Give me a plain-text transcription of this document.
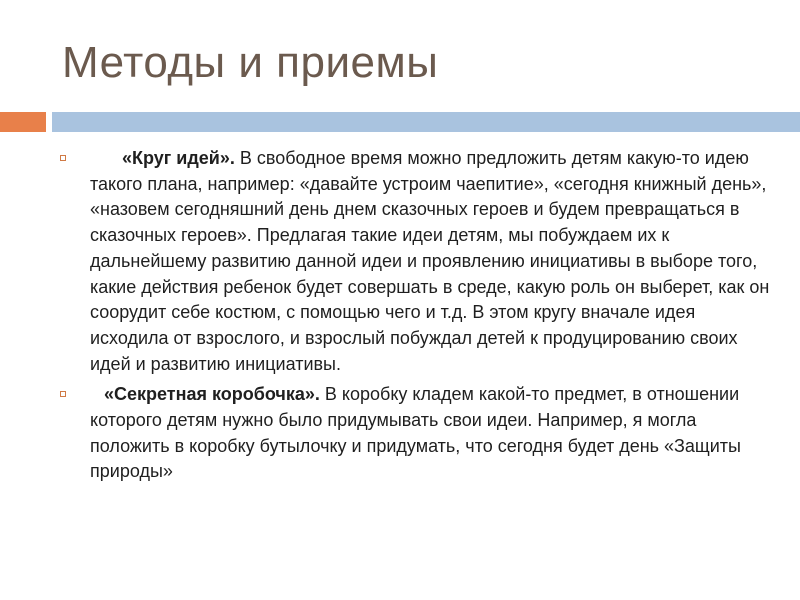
Методы и приемы
«Круг идей». В свободное время можно предложить детям какую-то идею такого плана, например: «давайте устроим чаепитие», «сегодня книжный день», «назовем сегодняшний день днем сказочных героев и будем превращаться в сказочных героев». Предлагая такие идеи детям, мы побуждаем их к дальнейшему развитию данной идеи и проявлению инициативы в выборе того, какие действия ребенок будет совершать в среде, какую роль он выберет, как он соорудит себе костюм, с помощью чего и т.д. В этом кругу вначале идея исходила от взрослого, и взрослый побуждал детей к продуцированию своих идей и развитию инициативы.
«Секретная коробочка». В коробку кладем какой-то предмет, в отношении которого детям нужно было придумывать свои идеи. Например, я могла положить в коробку бутылочку и придумать, что сегодня будет день «Защиты природы»
